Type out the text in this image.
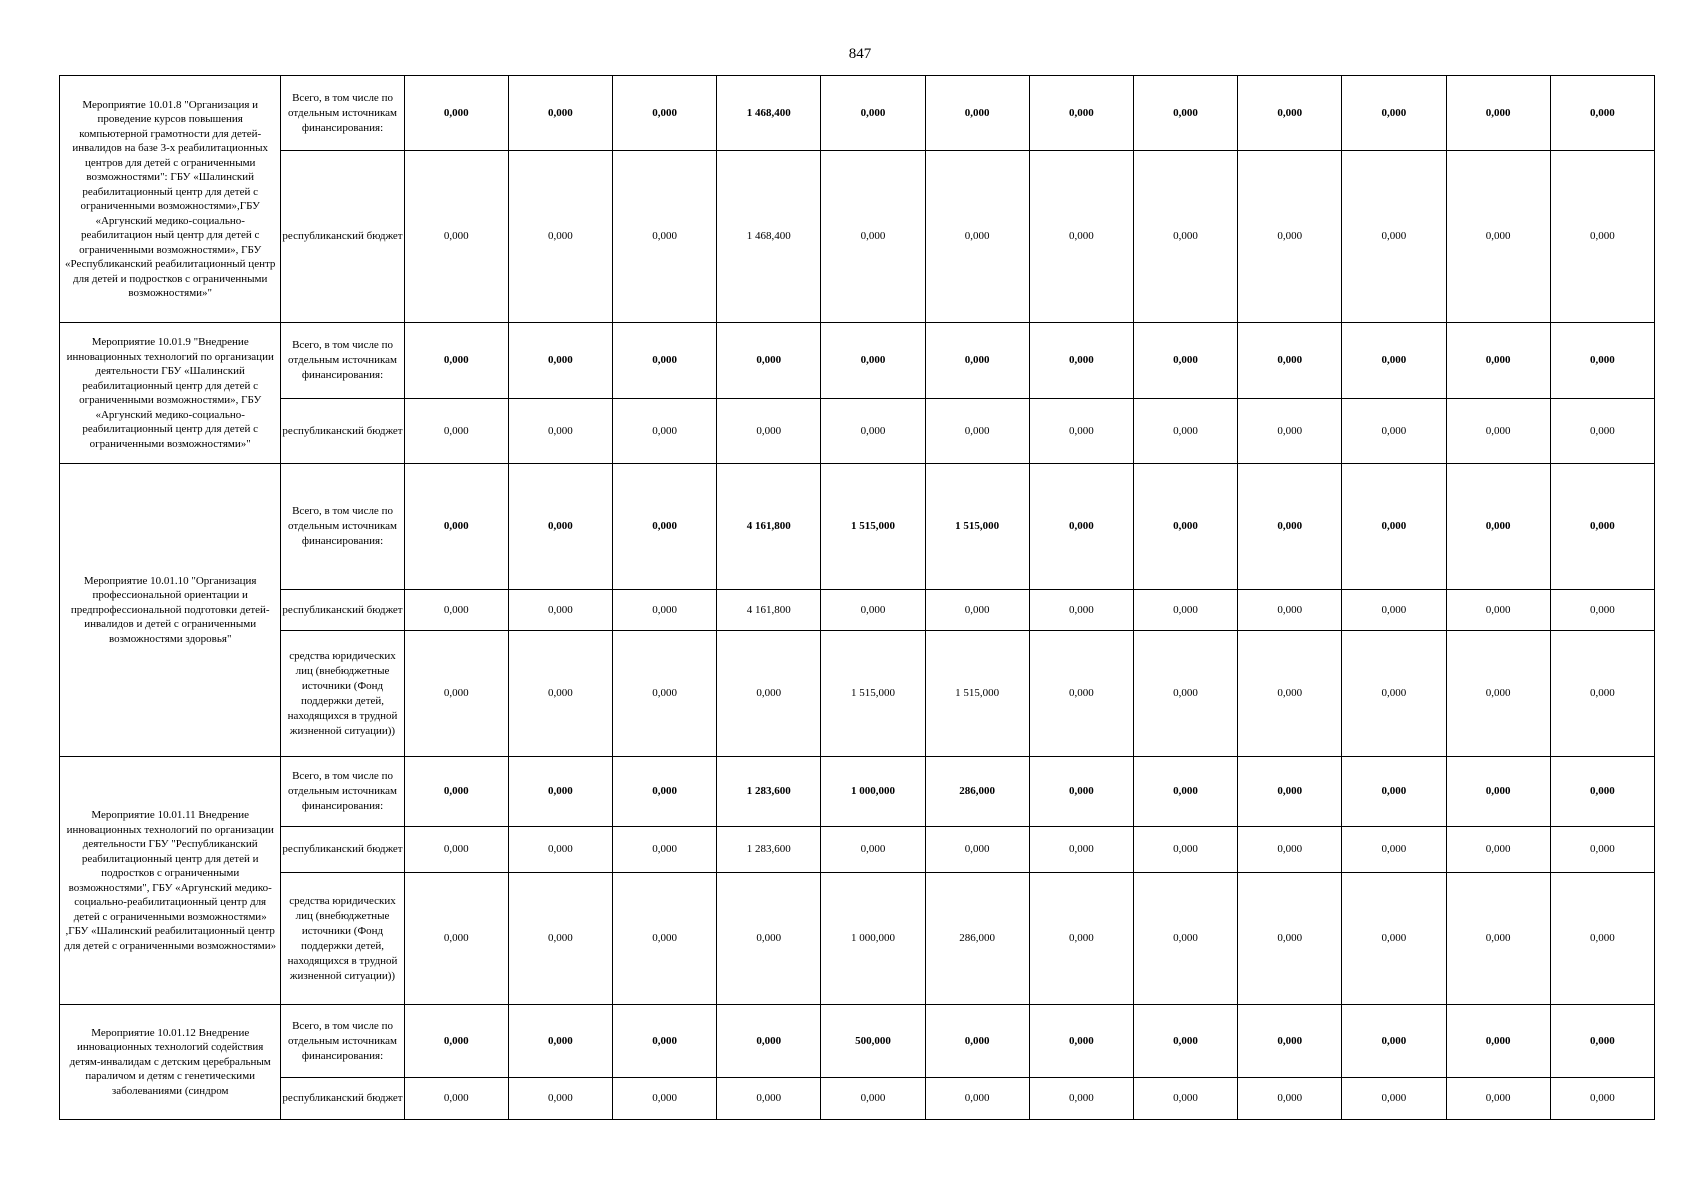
847
Мероприятие 10.01.8 "Организация и проведение курсов повышения компьютерной грамотности для детей-инвалидов на базе 3-х реабилитационных центров для детей с ограниченными возможностями": ГБУ «Шалинский реабилитационный центр для детей с ограниченными возможностями»,ГБУ «Аргунский медико-социально-реабилитацион ный центр для детей с ограниченными возможностями», ГБУ «Республиканский реабилитационный центр для детей и подростков с ограниченными возможностями»"	Всего, в том числе по отдельным источникам финансирования:	0,000	0,000	0,000	1 468,400	0,000	0,000	0,000	0,000	0,000	0,000	0,000	0,000
	республиканский бюджет	0,000	0,000	0,000	1 468,400	0,000	0,000	0,000	0,000	0,000	0,000	0,000	0,000
Мероприятие 10.01.9 "Внедрение инновационных технологий по организации деятельности ГБУ «Шалинский реабилитационный центр для детей с ограниченными возможностями», ГБУ «Аргунский медико-социально-реабилитационный центр для детей с ограниченными возможностями»"	Всего, в том числе по отдельным источникам финансирования:	0,000	0,000	0,000	0,000	0,000	0,000	0,000	0,000	0,000	0,000	0,000	0,000
	республиканский бюджет	0,000	0,000	0,000	0,000	0,000	0,000	0,000	0,000	0,000	0,000	0,000	0,000
Мероприятие 10.01.10 "Организация профессиональной ориентации и предпрофессиональной подготовки детей-инвалидов и детей с ограниченными возможностями здоровья"	Всего, в том числе по отдельным источникам финансирования:	0,000	0,000	0,000	4 161,800	1 515,000	1 515,000	0,000	0,000	0,000	0,000	0,000	0,000
	республиканский бюджет	0,000	0,000	0,000	4 161,800	0,000	0,000	0,000	0,000	0,000	0,000	0,000	0,000
	средства юридических лиц (внебюджетные источники (Фонд поддержки детей, находящихся в трудной жизненной ситуации))	0,000	0,000	0,000	0,000	1 515,000	1 515,000	0,000	0,000	0,000	0,000	0,000	0,000
Мероприятие 10.01.11 Внедрение инновационных технологий по организации деятельности ГБУ "Республиканский реабилитационный центр для детей и подростков с ограниченными возможностями", ГБУ «Аргунский медико-социально-реабилитационный центр для детей с ограниченными возможностями» ,ГБУ «Шалинский реабилитационный центр для детей с ограниченными возможностями»	Всего, в том числе по отдельным источникам финансирования:	0,000	0,000	0,000	1 283,600	1 000,000	286,000	0,000	0,000	0,000	0,000	0,000	0,000
	республиканский бюджет	0,000	0,000	0,000	1 283,600	0,000	0,000	0,000	0,000	0,000	0,000	0,000	0,000
	средства юридических лиц (внебюджетные источники (Фонд поддержки детей, находящихся в трудной жизненной ситуации))	0,000	0,000	0,000	0,000	1 000,000	286,000	0,000	0,000	0,000	0,000	0,000	0,000
Мероприятие 10.01.12 Внедрение инновационных технологий содействия детям-инвалидам с детским церебральным параличом и детям с генетическими заболеваниями (синдром	Всего, в том числе по отдельным источникам финансирования:	0,000	0,000	0,000	0,000	500,000	0,000	0,000	0,000	0,000	0,000	0,000	0,000
	республиканский бюджет	0,000	0,000	0,000	0,000	0,000	0,000	0,000	0,000	0,000	0,000	0,000	0,000
